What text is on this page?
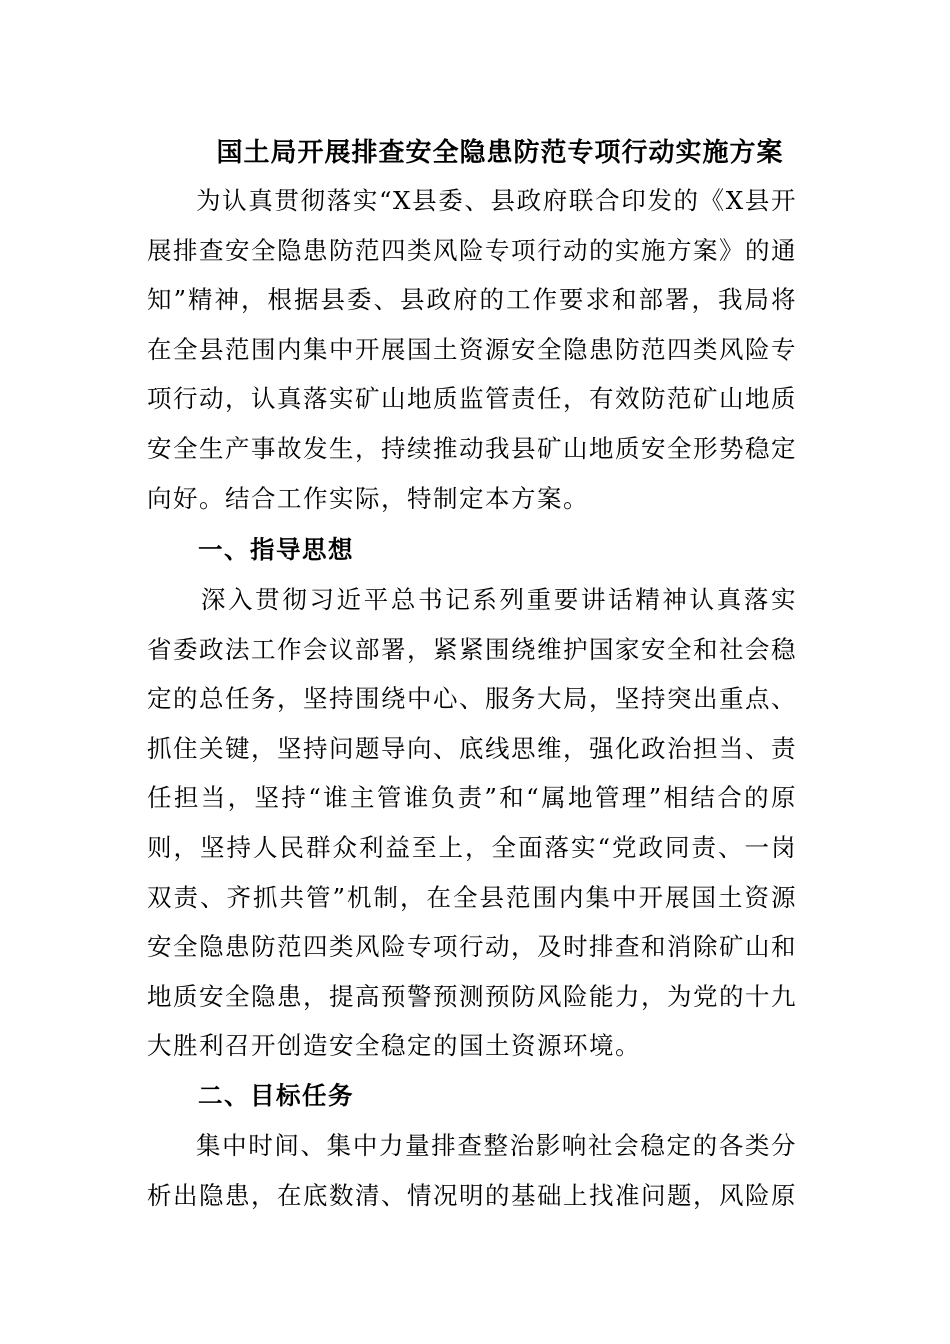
国土局开展排查安全隐患防范专项行动实施方案
为认真贯彻落实“X县委、县政府联合印发的《X县开展排查安全隐患防范四类风险专项行动的实施方案》的通知”精神，根据县委、县政府的工作要求和部署，我局将在全县范围内集中开展国土资源安全隐患防范四类风险专项行动，认真落实矿山地质监管责任，有效防范矿山地质安全生产事故发生，持续推动我县矿山地质安全形势稳定向好。结合工作实际，特制定本方案。
一、指导思想
深入贯彻习近平总书记系列重要讲话精神认真落实省委政法工作会议部署，紧紧围绕维护国家安全和社会稳定的总任务，坚持围绕中心、服务大局，坚持突出重点、抓住关键，坚持问题导向、底线思维，强化政治担当、责任担当，坚持“谁主管谁负责”和“属地管理”相结合的原则，坚持人民群众利益至上，全面落实“党政同责、一岗双责、齐抓共管”机制，在全县范围内集中开展国土资源安全隐患防范四类风险专项行动，及时排查和消除矿山和地质安全隐患，提高预警预测预防风险能力，为党的十九大胜利召开创造安全稳定的国土资源环境。
二、目标任务
集中时间、集中力量排查整治影响社会稳定的各类分析出隐患，在底数清、情况明的基础上找准问题，风险原
